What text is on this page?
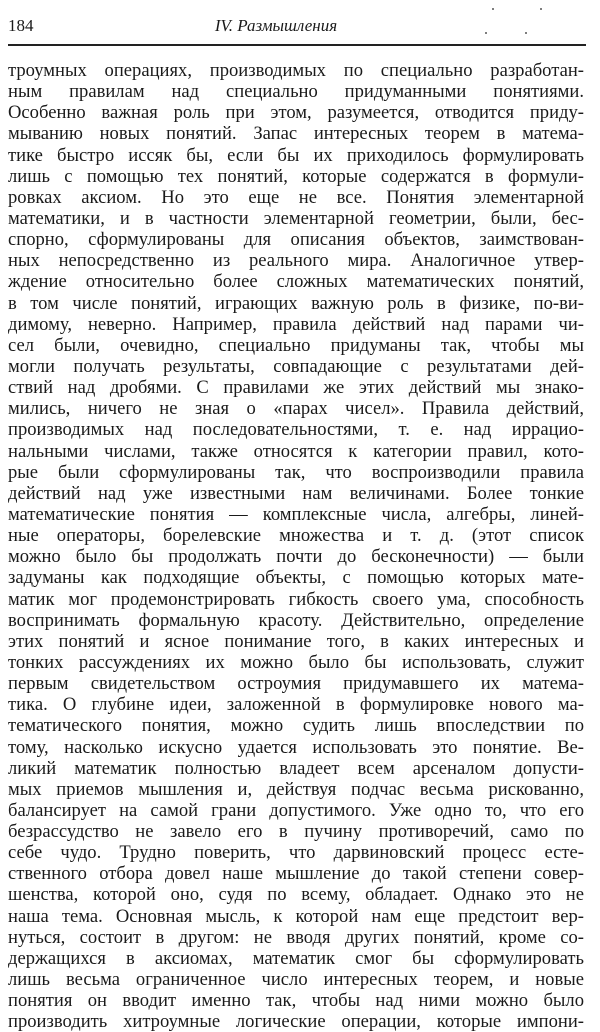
184	IV. Размышления
троумных операциях, производимых по специально разработан-
ным правилам над специально придуманными понятиями.
Особенно важная роль при этом, разумеется, отводится приду-
мыванию новых понятий. Запас интересных теорем в матема-
тике быстро иссяк бы, если бы их приходилось формулировать
лишь с помощью тех понятий, которые содержатся в формули-
ровках аксиом. Но это еще не все. Понятия элементарной
математики, и в частности элементарной геометрии, были, бес-
спорно, сформулированы для описания объектов, заимствован-
ных непосредственно из реального мира. Аналогичное утвер-
ждение относительно более сложных математических понятий,
в том числе понятий, играющих важную роль в физике, по-ви-
димому, неверно. Например, правила действий над парами чи-
сел были, очевидно, специально придуманы так, чтобы мы
могли получать результаты, совпадающие с результатами дей-
ствий над дробями. С правилами же этих действий мы знако-
мились, ничего не зная о «парах чисел». Правила действий,
производимых над последовательностями, т. е. над иррацио-
нальными числами, также относятся к категории правил, кото-
рые были сформулированы так, что воспроизводили правила
действий над уже известными нам величинами. Более тонкие
математические понятия — комплексные числа, алгебры, линей-
ные операторы, борелевские множества и т. д. (этот список
можно было бы продолжать почти до бесконечности) — были
задуманы как подходящие объекты, с помощью которых мате-
матик мог продемонстрировать гибкость своего ума, способность
воспринимать формальную красоту. Действительно, определение
этих понятий и ясное понимание того, в каких интересных и
тонких рассуждениях их можно было бы использовать, служит
первым свидетельством остроумия придумавшего их матема-
тика. О глубине идеи, заложенной в формулировке нового ма-
тематического понятия, можно судить лишь впоследствии по
тому, насколько искусно удается использовать это понятие. Ве-
ликий математик полностью владеет всем арсеналом допусти-
мых приемов мышления и, действуя подчас весьма рискованно,
балансирует на самой грани допустимого. Уже одно то, что его
безрассудство не завело его в пучину противоречий, само по
себе чудо. Трудно поверить, что дарвиновский процесс есте-
ственного отбора довел наше мышление до такой степени совер-
шенства, которой оно, судя по всему, обладает. Однако это не
наша тема. Основная мысль, к которой нам еще предстоит вер-
нуться, состоит в другом: не вводя других понятий, кроме со-
держащихся в аксиомах, математик смог бы сформулировать
лишь весьма ограниченное число интересных теорем, и новые
понятия он вводит именно так, чтобы над ними можно было
производить хитроумные логические операции, которые импони-
